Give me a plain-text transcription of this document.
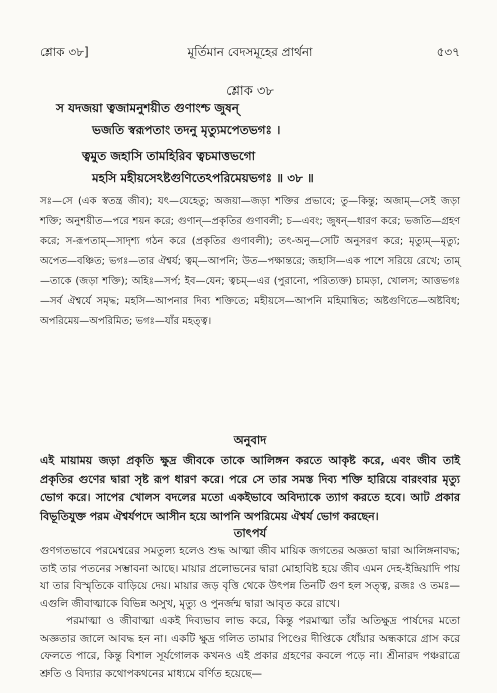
শ্লোক ৩৮]	মূর্তিমান বেদসমূহের প্রার্থনা	৫৩৭
শ্লোক ৩৮
স যদজয়া ত্বজামনুশয়ীত গুণাংশ্চ জুষন্
ভজতি স্বরূপতাং তদনু মৃত্যুমপেতভগঃ ।
ত্বমুত জহাসি তামহিরিব ত্বচমাত্তভগো
মহসি মহীয়সেঽষ্টগুণিতেঽপরিমেয়ভগঃ ॥ ৩৮ ॥
সঃ—সে (এক স্বতন্ত্র জীব); যৎ—যেহেতু; অজয়া—জড়া শক্তির প্রভাবে; তু—কিন্তু; অজাম্—সেই জড়া শক্তি; অনুশয়ীত—পরে শয়ন করে; গুণান্—প্রকৃতির গুণাবলী; চ—এবং; জুষন্—ধারণ করে; ভজতি—গ্রহণ করে; স-রূপতাম্—সাদৃশ্য গঠন করে (প্রকৃতির গুণাবলী); তৎ-অনু—সেটি অনুসরণ করে; মৃত্যুম্—মৃত্যু; অপেত—বঞ্চিত; ভগঃ—তার ঐশ্বর্য; ত্বম্—আপনি; উত—পক্ষান্তরে; জহাসি—এক পাশে সরিয়ে রেখে; তাম্—তাকে (জড়া শক্তি); অহিঃ—সর্প; ইব—যেন; ত্বচম্—এর (পুরানো, পরিত্যক্ত) চামড়া, খোলস; আত্তভগঃ—সর্ব ঐশ্বর্যে সমৃদ্ধ; মহসি—আপনার দিব্য শক্তিতে; মহীয়সে—আপনি মহিমান্বিত; অষ্টগুণিতে—অষ্টবিধ; অপরিমেয়—অপরিমিত; ভগঃ—যাঁর মহত্ত্ব।
অনুবাদ
এই মায়াময় জড়া প্রকৃতি ক্ষুদ্র জীবকে তাকে আলিঙ্গন করতে আকৃষ্ট করে, এবং জীব তাই প্রকৃতির গুণের দ্বারা সৃষ্ট রূপ ধারণ করে। পরে সে তার সমস্ত দিব্য শক্তি হারিয়ে বারংবার মৃত্যু ভোগ করে। সাপের খোলস বদলের মতো একইভাবে অবিদ্যাকে ত্যাগ করতে হবে। আট প্রকার বিভূতিযুক্ত পরম ঐশ্বর্যপদে আসীন হয়ে আপনি অপরিমেয় ঐশ্বর্য ভোগ করছেন।
তাৎপর্য

গুণগতভাবে পরমেশ্বরের সমতুল্য হলেও শুদ্ধ আত্মা জীব মায়িক জগতের অজ্ঞতা দ্বারা আলিঙ্গনাবদ্ধ; তাই তার পতনের সম্ভাবনা আছে। মায়ার প্রলোভনের দ্বারা মোহাবিষ্ট হয়ে জীব এমন দেহ-ইন্দ্রিয়াদি পায় যা তার বিস্মৃতিকে বাড়িয়ে দেয়। মায়ার জড় বৃত্তি থেকে উৎপন্ন তিনটি গুণ হল সত্ত্ব, রজঃ ও তমঃ—এগুলি জীবাত্মাকে বিভিন্ন অসুখ, মৃত্যু ও পুনর্জন্ম দ্বারা আবৃত করে রাখে।

পরমাত্মা ও জীবাত্মা একই দিব্যভাব লাভ করে, কিন্তু পরমাত্মা তাঁর অতিক্ষুদ্র পার্ষদের মতো অজ্ঞতার জালে আবদ্ধ হন না। একটি ক্ষুদ্র গলিত তামার পিণ্ডের দীপ্তিকে ধোঁয়ার অন্ধকারে গ্রাস করে ফেলতে পারে, কিন্তু বিশাল সূর্যগোলক কখনও এই প্রকার গ্রহণের কবলে পড়ে না। শ্রীনারদ পঞ্চরাত্রে শ্রুতি ও বিদ্যার কথোপকথনের মাধ্যমে বর্ণিত হয়েছে—
